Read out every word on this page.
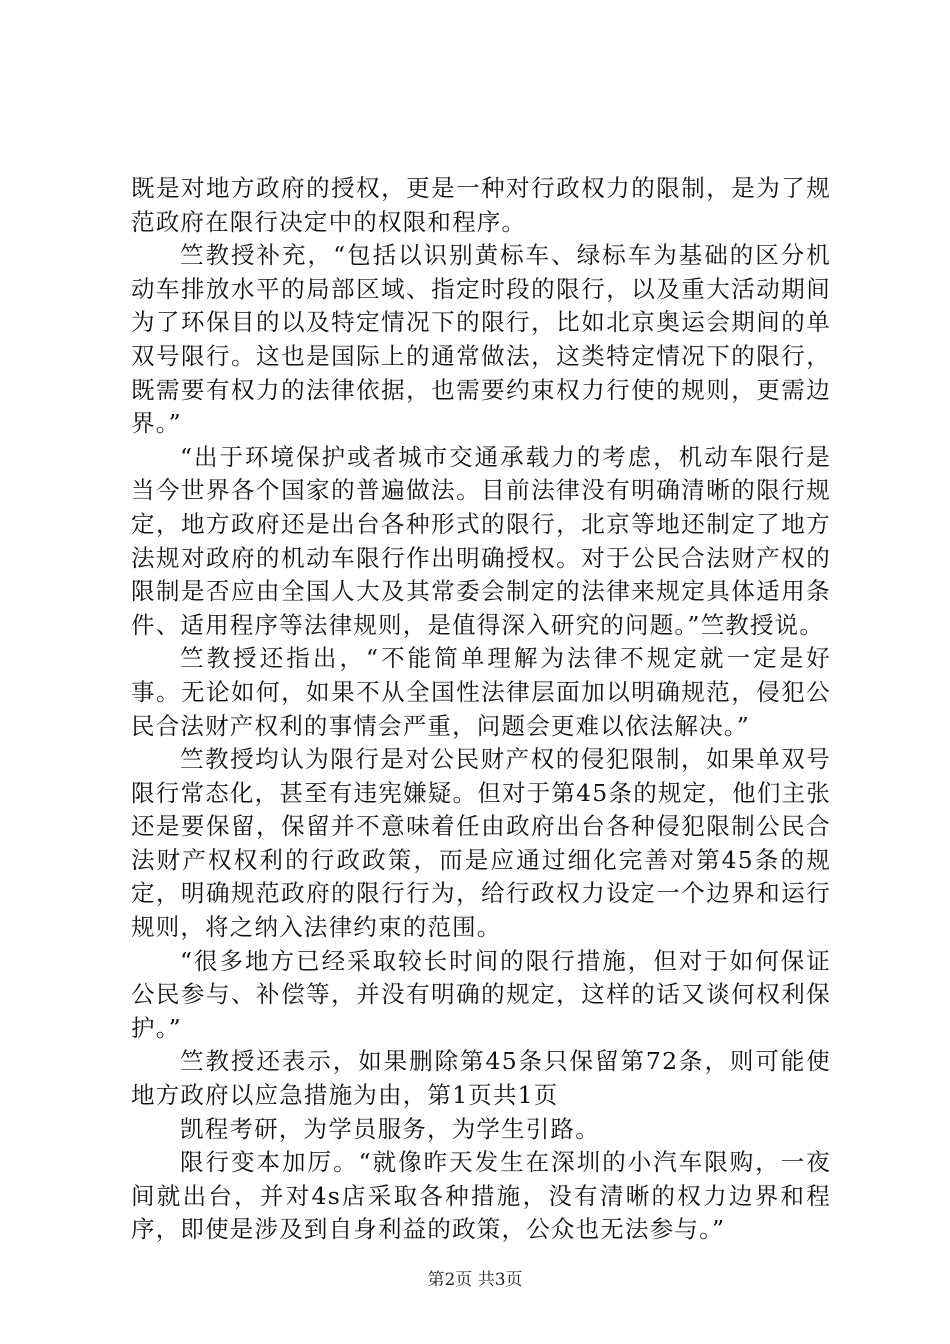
既是对地方政府的授权，更是一种对行政权力的限制，是为了规范政府在限行决定中的权限和程序。

竺教授补充，“包括以识别黄标车、绿标车为基础的区分机动车排放水平的局部区域、指定时段的限行，以及重大活动期间为了环保目的以及特定情况下的限行，比如北京奥运会期间的单双号限行。这也是国际上的通常做法，这类特定情况下的限行，既需要有权力的法律依据，也需要约束权力行使的规则，更需边界。”

“出于环境保护或者城市交通承载力的考虑，机动车限行是当今世界各个国家的普遍做法。目前法律没有明确清晰的限行规定，地方政府还是出台各种形式的限行，北京等地还制定了地方法规对政府的机动车限行作出明确授权。对于公民合法财产权的限制是否应由全国人大及其常委会制定的法律来规定具体适用条件、适用程序等法律规则，是值得深入研究的问题。”竺教授说。

竺教授还指出，“不能简单理解为法律不规定就一定是好事。无论如何，如果不从全国性法律层面加以明确规范，侵犯公民合法财产权利的事情会严重，问题会更难以依法解决。”

竺教授均认为限行是对公民财产权的侵犯限制，如果单双号限行常态化，甚至有违宪嫌疑。但对于第45条的规定，他们主张还是要保留，保留并不意味着任由政府出台各种侵犯限制公民合法财产权权利的行政政策，而是应通过细化完善对第45条的规定，明确规范政府的限行行为，给行政权力设定一个边界和运行规则，将之纳入法律约束的范围。

“很多地方已经采取较长时间的限行措施，但对于如何保证公民参与、补偿等，并没有明确的规定，这样的话又谈何权利保护。”

竺教授还表示，如果删除第45条只保留第72条，则可能使地方政府以应急措施为由，第1页共1页

凯程考研，为学员服务，为学生引路。

限行变本加厉。“就像昨天发生在深圳的小汽车限购，一夜间就出台，并对4s店采取各种措施，没有清晰的权力边界和程序，即使是涉及到自身利益的政策，公众也无法参与。”

第2页 共3页
